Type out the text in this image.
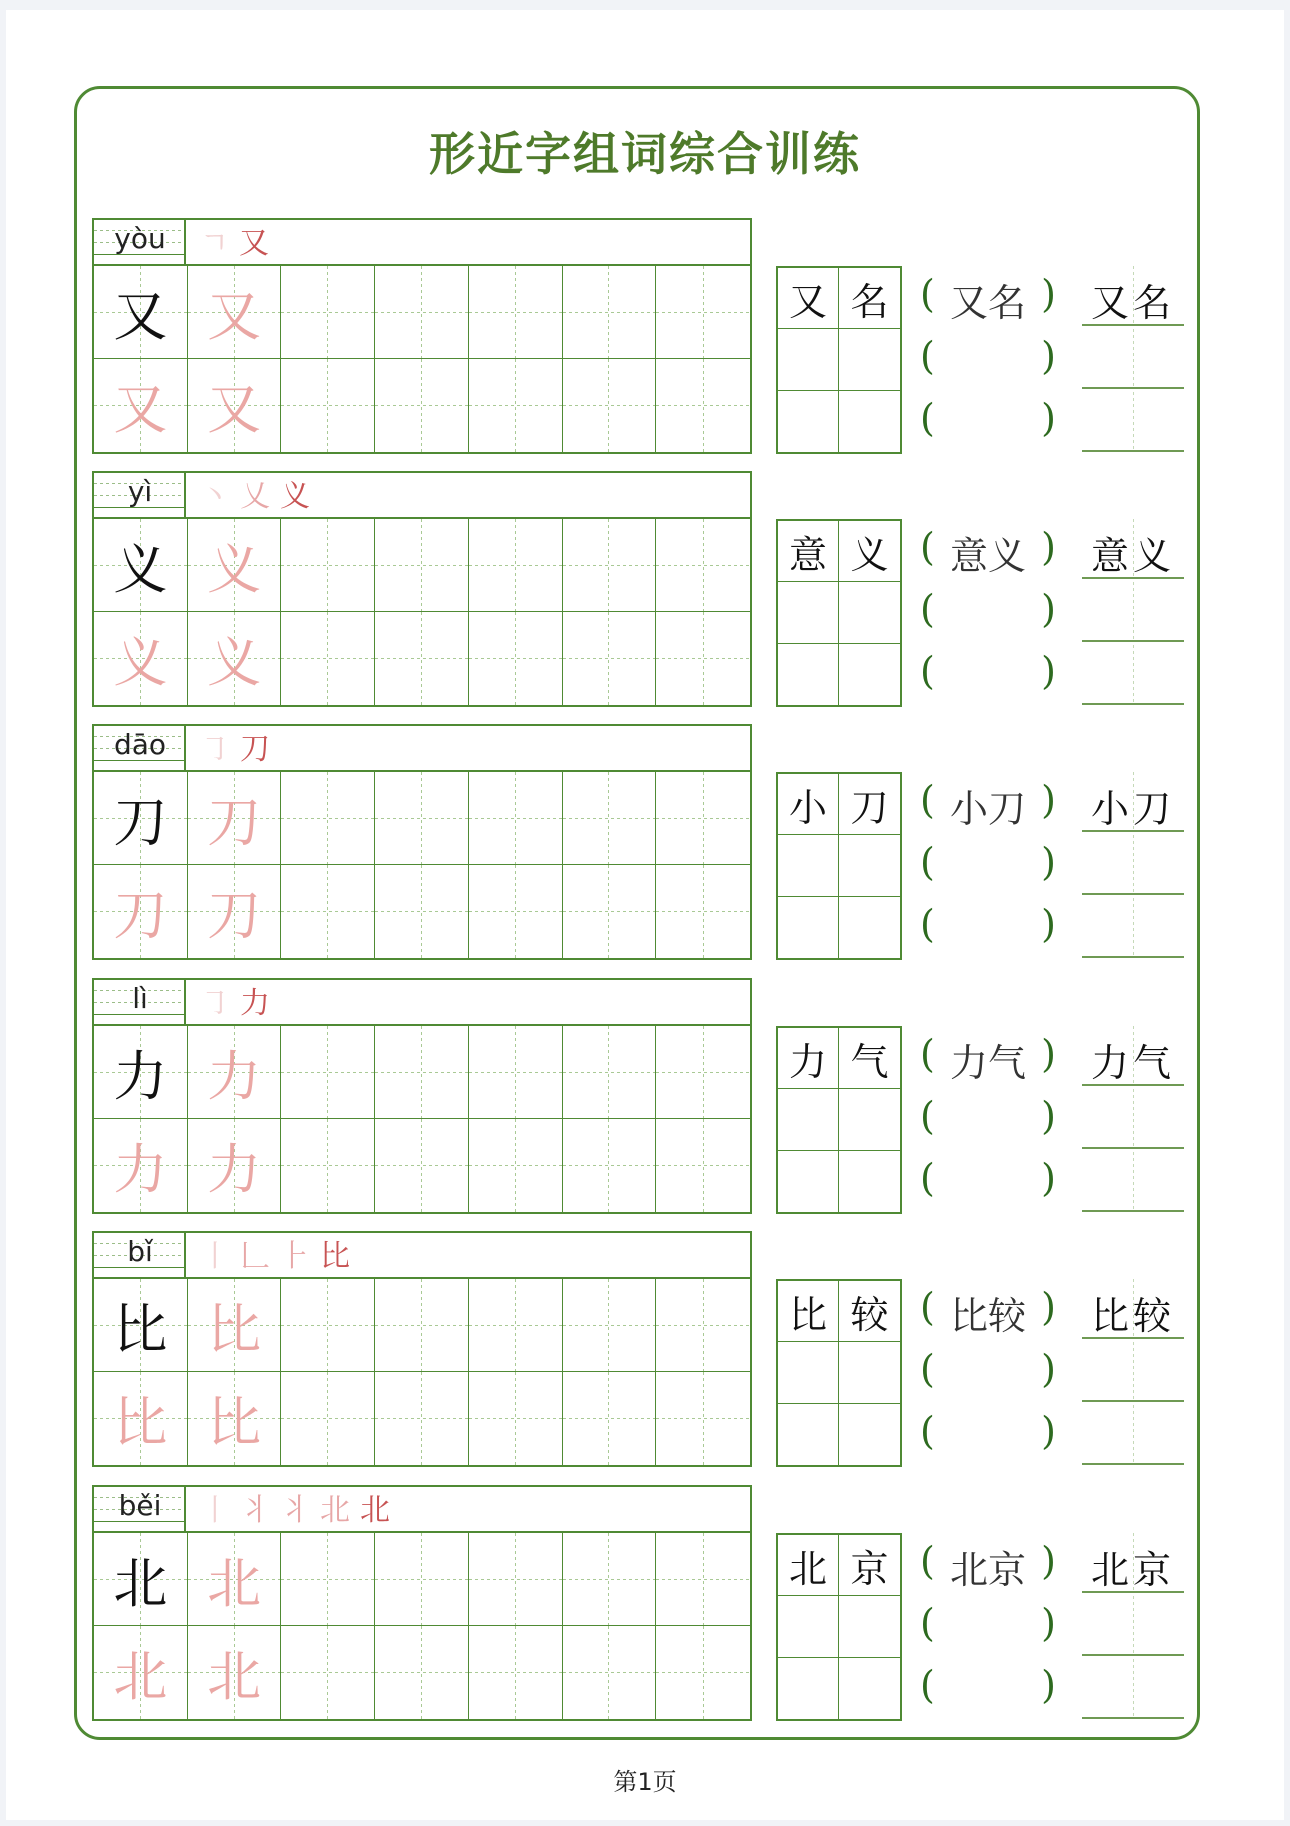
形近字组词综合训练
yòu	ㄱ 又
又 又
又 又
又 名 ( 又名 )
(	)
(	)
又名
yì	丶 乂 义
义 义
义 义
意 义 ( 意义 )
(	)
(	)
意义
dāo	㇆ 刀
刀 刀
刀 刀
小 刀 ( 小刀 )
(	)
(	)
小刀
lì	㇆ 力
力 力
力 力
力 气 ( 力气 )
(	)
(	)
力气
bǐ	丨 𠃊 ⺊ 比
比 比
比 比
比 较 ( 比较 )
(	)
(	)
比较
běi	丨 丬 丬 北 北
北 北
北 北
北 京 ( 北京 )
(	)
(	)
北京
第1页
